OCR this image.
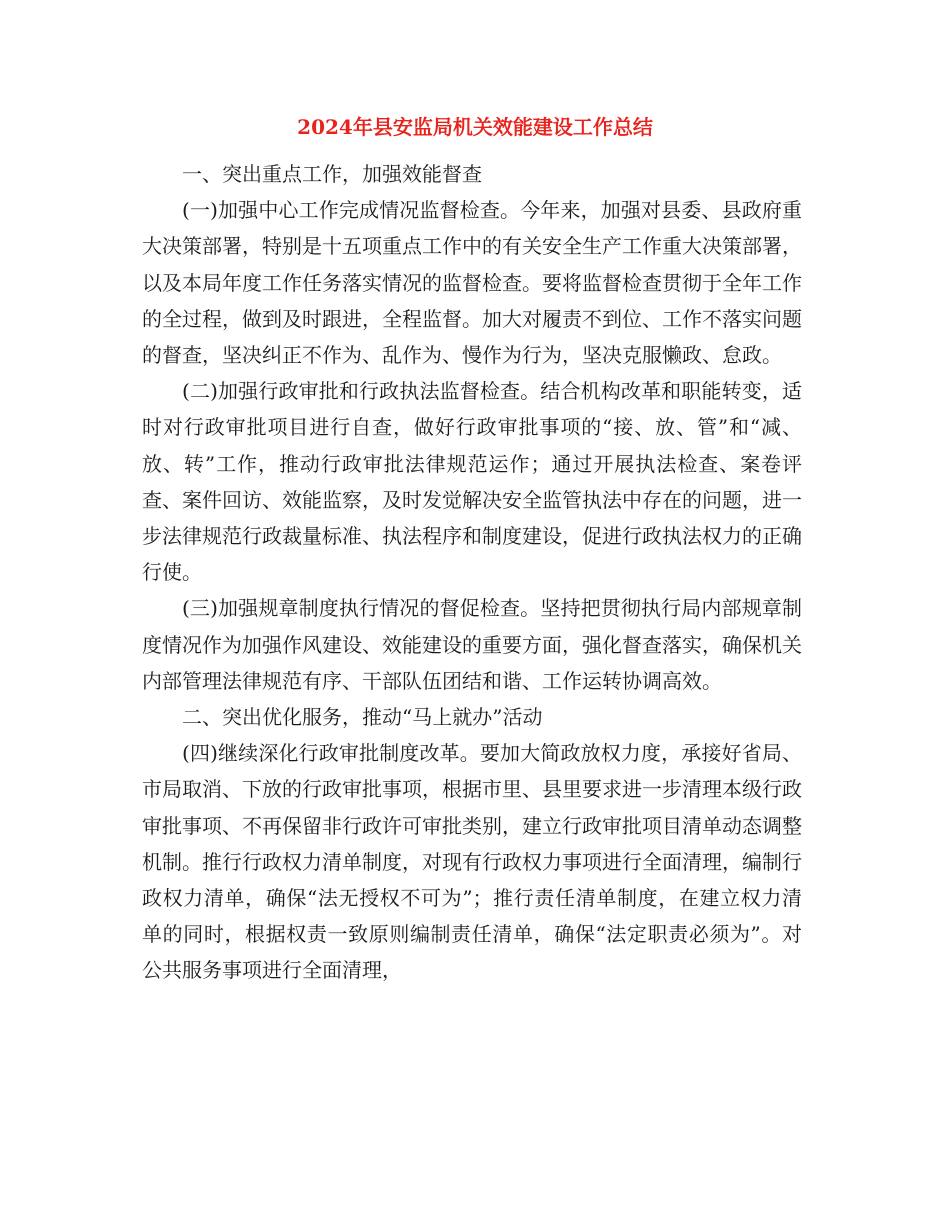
2024年县安监局机关效能建设工作总结

一、突出重点工作，加强效能督查

(一)加强中心工作完成情况监督检查。今年来，加强对县委、县政府重大决策部署，特别是十五项重点工作中的有关安全生产工作重大决策部署，以及本局年度工作任务落实情况的监督检查。要将监督检查贯彻于全年工作的全过程，做到及时跟进，全程监督。加大对履责不到位、工作不落实问题的督查，坚决纠正不作为、乱作为、慢作为行为，坚决克服懒政、怠政。

(二)加强行政审批和行政执法监督检查。结合机构改革和职能转变，适时对行政审批项目进行自查，做好行政审批事项的“接、放、管”和“减、放、转”工作，推动行政审批法律规范运作；通过开展执法检查、案卷评查、案件回访、效能监察，及时发觉解决安全监管执法中存在的问题，进一步法律规范行政裁量标准、执法程序和制度建设，促进行政执法权力的正确行使。

(三)加强规章制度执行情况的督促检查。坚持把贯彻执行局内部规章制度情况作为加强作风建设、效能建设的重要方面，强化督查落实，确保机关内部管理法律规范有序、干部队伍团结和谐、工作运转协调高效。

二、突出优化服务，推动“马上就办”活动

(四)继续深化行政审批制度改革。要加大简政放权力度，承接好省局、市局取消、下放的行政审批事项，根据市里、县里要求进一步清理本级行政审批事项、不再保留非行政许可审批类别，建立行政审批项目清单动态调整机制。推行行政权力清单制度，对现有行政权力事项进行全面清理，编制行政权力清单，确保“法无授权不可为”；推行责任清单制度，在建立权力清单的同时，根据权责一致原则编制责任清单，确保“法定职责必须为”。对公共服务事项进行全面清理，
